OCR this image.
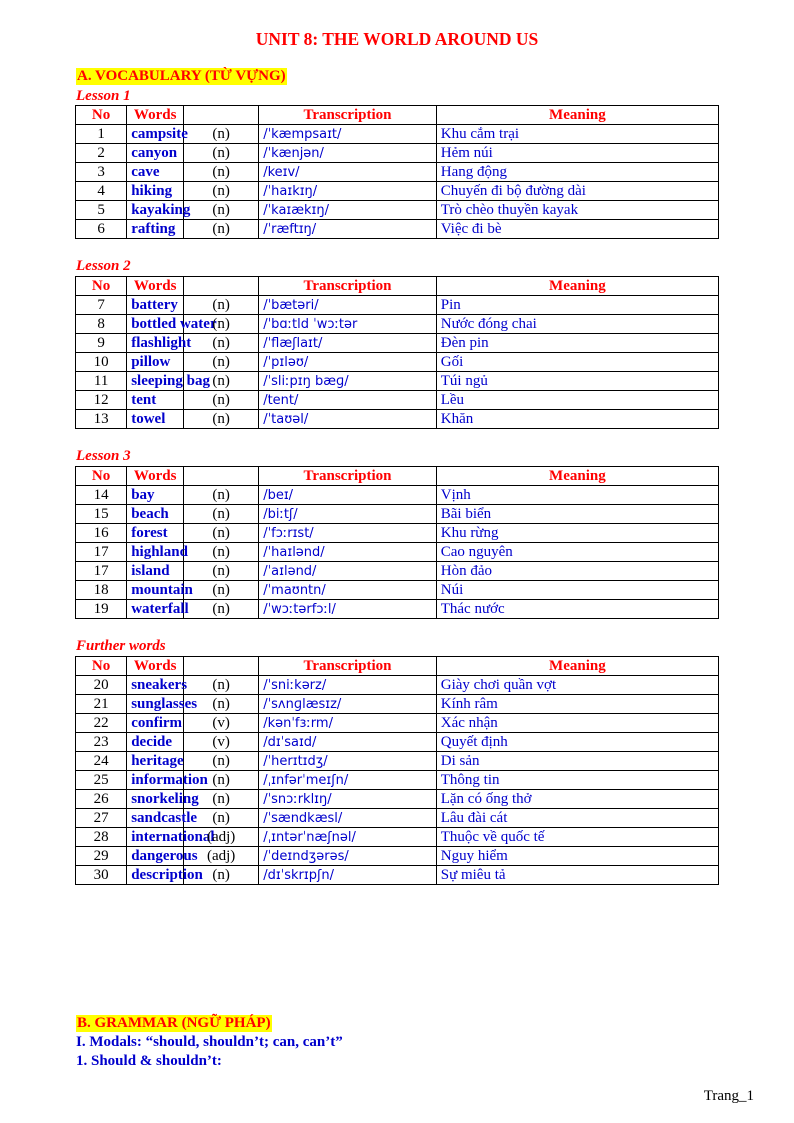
UNIT 8: THE WORLD AROUND US
A. VOCABULARY (TỪ VỰNG)
Lesson 1
No	Words		Transcription	Meaning
1	campsite	(n)	/ˈkæmpsaɪt/	Khu cắm trại
2	canyon	(n)	/ˈkænjən/	Hẻm núi
3	cave	(n)	/keɪv/	Hang động
4	hiking	(n)	/ˈhaɪkɪŋ/	Chuyến đi bộ đường dài
5	kayaking	(n)	/ˈkaɪækɪŋ/	Trò chèo thuyền kayak
6	rafting	(n)	/ˈræftɪŋ/	Việc đi bè
Lesson 2
No	Words		Transcription	Meaning
7	battery	(n)	/ˈbætəri/	Pin
8	bottled water	(n)	/ˈbɑːtld ˈwɔːtər	Nước đóng chai
9	flashlight	(n)	/ˈflæʃlaɪt/	Đèn pin
10	pillow	(n)	/ˈpɪləʊ/	Gối
11	sleeping bag	(n)	/ˈsliːpɪŋ bæɡ/	Túi ngủ
12	tent	(n)	/tent/	Lều
13	towel	(n)	/ˈtaʊəl/	Khăn
Lesson 3
No	Words		Transcription	Meaning
14	bay	(n)	/beɪ/	Vịnh
15	beach	(n)	/biːtʃ/	Bãi biển
16	forest	(n)	/ˈfɔːrɪst/	Khu rừng
17	highland	(n)	/ˈhaɪlənd/	Cao nguyên
17	island	(n)	/ˈaɪlənd/	Hòn đảo
18	mountain	(n)	/ˈmaʊntn/	Núi
19	waterfall	(n)	/ˈwɔːtərfɔːl/	Thác nước
Further words
No	Words		Transcription	Meaning
20	sneakers	(n)	/ˈsniːkərz/	Giày chơi quần vợt
21	sunglasses	(n)	/ˈsʌnɡlæsɪz/	Kính râm
22	confirm	(v)	/kənˈfɜːrm/	Xác nhận
23	decide	(v)	/dɪˈsaɪd/	Quyết định
24	heritage	(n)	/ˈherɪtɪdʒ/	Di sản
25	information	(n)	/ˌɪnfərˈmeɪʃn/	Thông tin
26	snorkeling	(n)	/ˈsnɔːrklɪŋ/	Lặn có ống thở
27	sandcastle	(n)	/ˈsændkæsl/	Lâu đài cát
28	international	(adj)	/ˌɪntərˈnæʃnəl/	Thuộc về quốc tế
29	dangerous	(adj)	/ˈdeɪndʒərəs/	Nguy hiểm
30	description	(n)	/dɪˈskrɪpʃn/	Sự miêu tả
B. GRAMMAR (NGỮ PHÁP)
I. Modals: “should, shouldn’t; can, can’t”
1. Should & shouldn’t:
Trang_1
